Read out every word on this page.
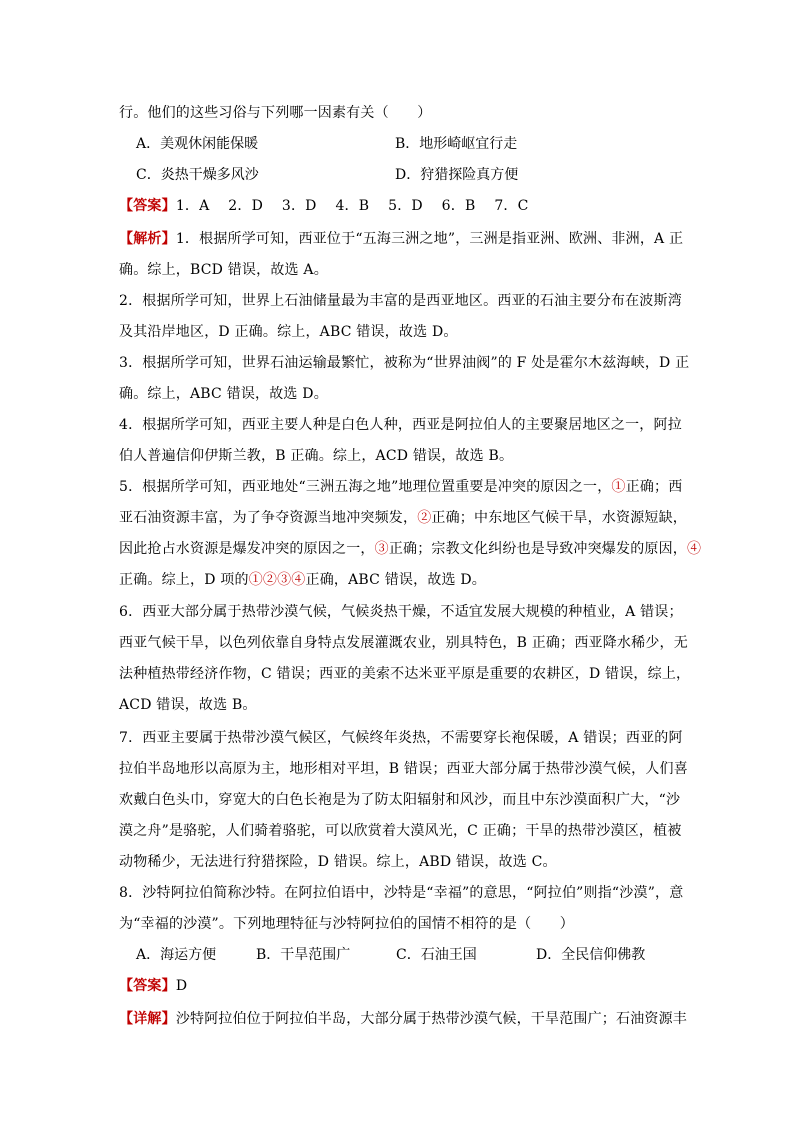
行。他们的这些习俗与下列哪一因素有关（　　）
A．美观休闲能保暖	B．地形崎岖宜行走
C．炎热干燥多风沙	D．狩猎探险真方便
【答案】1．A　 2．D　 3．D　 4．B　 5．D　 6．B　 7．C
【解析】1．根据所学可知，西亚位于“五海三洲之地”，三洲是指亚洲、欧洲、非洲，A 正
确。综上，BCD 错误，故选 A。
2．根据所学可知，世界上石油储量最为丰富的是西亚地区。西亚的石油主要分布在波斯湾
及其沿岸地区，D 正确。综上，ABC 错误，故选 D。
3．根据所学可知，世界石油运输最繁忙，被称为“世界油阀”的 F 处是霍尔木兹海峡，D 正
确。综上，ABC 错误，故选 D。
4．根据所学可知，西亚主要人种是白色人种，西亚是阿拉伯人的主要聚居地区之一，阿拉
伯人普遍信仰伊斯兰教，B 正确。综上，ACD 错误，故选 B。
5．根据所学可知，西亚地处“三洲五海之地”地理位置重要是冲突的原因之一，①正确；西
亚石油资源丰富，为了争夺资源当地冲突频发，②正确；中东地区气候干旱，水资源短缺，
因此抢占水资源是爆发冲突的原因之一，③正确；宗教文化纠纷也是导致冲突爆发的原因，④
正确。综上，D 项的①②③④正确，ABC 错误，故选 D。
6．西亚大部分属于热带沙漠气候，气候炎热干燥，不适宜发展大规模的种植业，A 错误；
西亚气候干旱，以色列依靠自身特点发展灌溉农业，别具特色，B 正确；西亚降水稀少，无
法种植热带经济作物，C 错误；西亚的美索不达米亚平原是重要的农耕区，D 错误，综上，
ACD 错误，故选 B。
7．西亚主要属于热带沙漠气候区，气候终年炎热，不需要穿长袍保暖，A 错误；西亚的阿
拉伯半岛地形以高原为主，地形相对平坦，B 错误；西亚大部分属于热带沙漠气候，人们喜
欢戴白色头巾，穿宽大的白色长袍是为了防太阳辐射和风沙，而且中东沙漠面积广大，“沙
漠之舟”是骆驼，人们骑着骆驼，可以欣赏着大漠风光，C 正确；干旱的热带沙漠区，植被
动物稀少，无法进行狩猎探险，D 错误。综上，ABD 错误，故选 C。
8．沙特阿拉伯简称沙特。在阿拉伯语中，沙特是“幸福”的意思，“阿拉伯”则指“沙漠”，意
为“幸福的沙漠”。下列地理特征与沙特阿拉伯的国情不相符的是（　　）
A．海运方便	B．干旱范围广	C．石油王国	D．全民信仰佛教
【答案】D
【详解】沙特阿拉伯位于阿拉伯半岛，大部分属于热带沙漠气候，干旱范围广；石油资源丰
